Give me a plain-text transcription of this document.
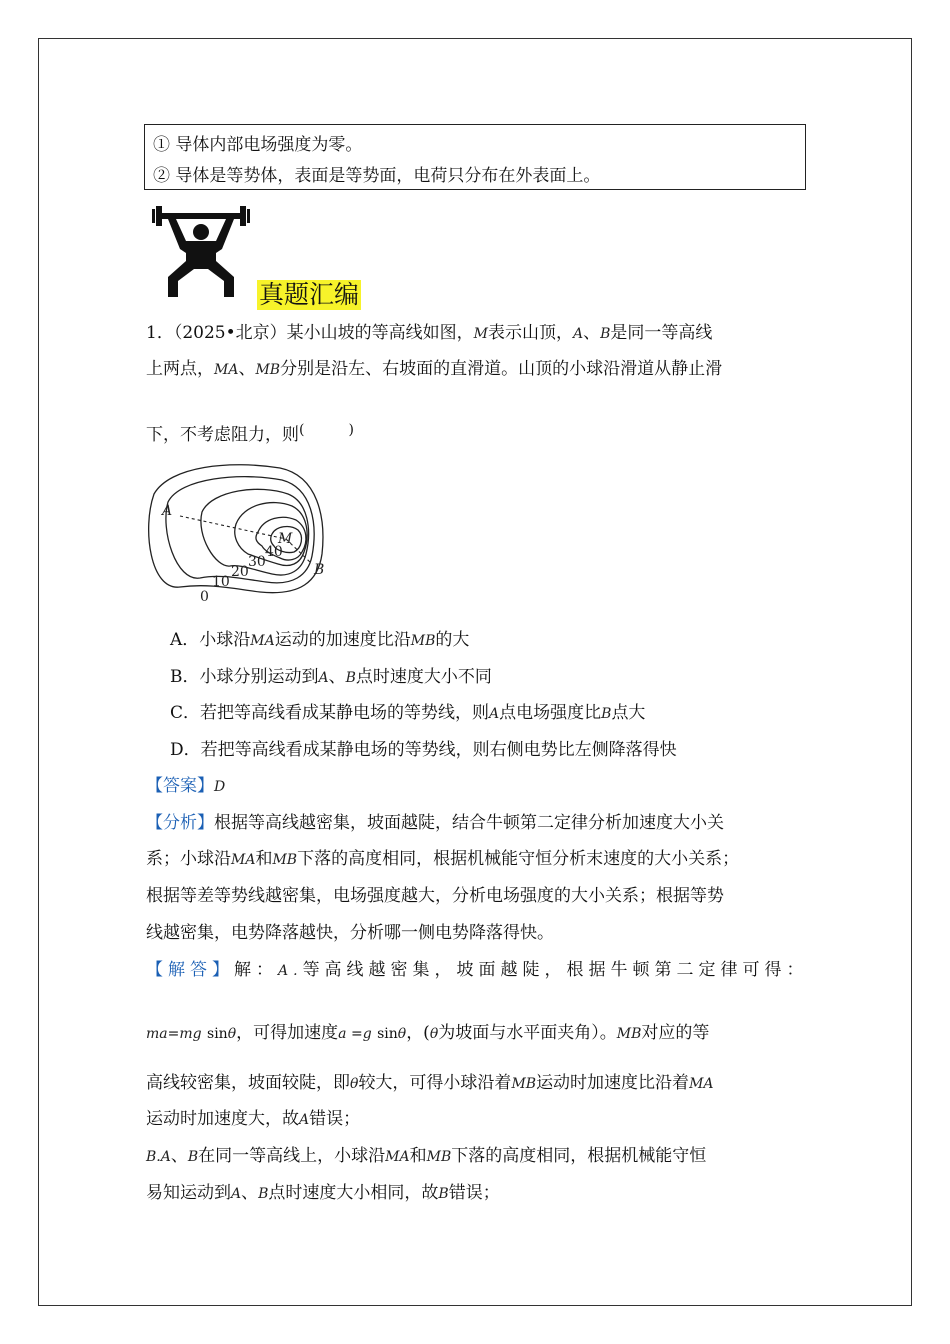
① 导体内部电场强度为零。
② 导体是等势体，表面是等势面，电荷只分布在外表面上。
真题汇编
1．（2025•北京）某小山坡的等高线如图，M表示山顶，A、B是同一等高线
上两点，MA、MB分别是沿左、右坡面的直滑道。山顶的小球沿滑道从静止滑
下，不考虑阻力，则(	)
A
M
B
0
10
20
30
40
A．小球沿MA运动的加速度比沿MB的大
B．小球分别运动到A、B点时速度大小不同
C．若把等高线看成某静电场的等势线，则A点电场强度比B点大
D．若把等高线看成某静电场的等势线，则右侧电势比左侧降落得快
【答案】D
【分析】根据等高线越密集，坡面越陡，结合牛顿第二定律分析加速度大小关
系；小球沿MA和MB下落的高度相同，根据机械能守恒分析末速度的大小关系；
根据等差等势线越密集，电场强度越大，分析电场强度的大小关系；根据等势
线越密集，电势降落越快，分析哪一侧电势降落得快。
【解答】解：A.等高线越密集，坡面越陡，根据牛顿第二定律可得：
ma=mg sinθ，可得加速度a =g sinθ，(θ为坡面与水平面夹角）。MB对应的等
高线较密集，坡面较陡，即θ较大，可得小球沿着MB运动时加速度比沿着MA
运动时加速度大，故A错误；
B.A、B在同一等高线上，小球沿MA和MB下落的高度相同，根据机械能守恒
易知运动到A、B点时速度大小相同，故B错误；
